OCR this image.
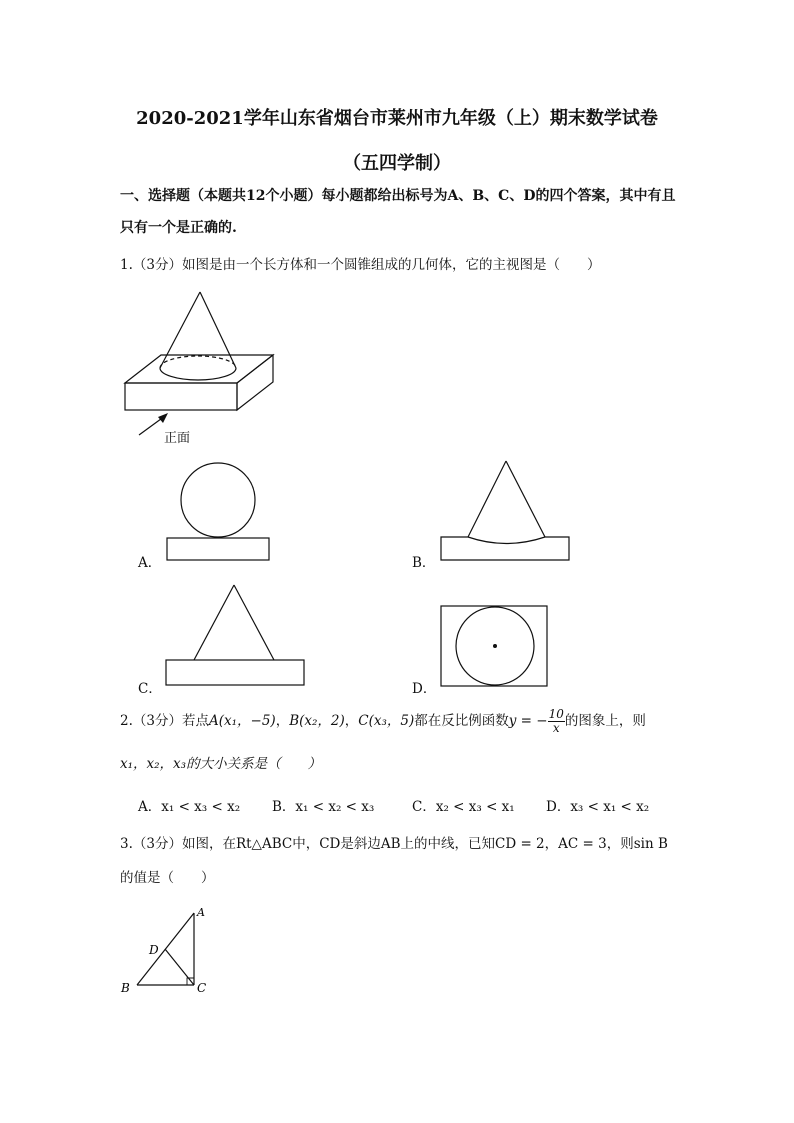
2020-2021学年山东省烟台市莱州市九年级（上）期末数学试卷
（五四学制）
一、选择题（本题共12个小题）每小题都给出标号为A、B、C、D的四个答案，其中有且只有一个是正确的.
1.（3分）如图是由一个长方体和一个圆锥组成的几何体，它的主视图是（　　）
正面
A．	B．
C．	D．
2.（3分）若点A(x₁，−5)，B(x₂，2)，C(x₃，5)都在反比例函数y = − $\frac{10}{x}$ 的图象上，则
x₁，x₂，x₃的大小关系是（　　）
A．x₁ < x₃ < x₂ B．x₁ < x₂ < x₃	C．x₂ < x₃ < x₁ D．x₃ < x₁ < x₂
3.（3分）如图，在Rt△ABC中，CD是斜边AB上的中线，已知CD = 2，AC = 3，则sin B
的值是（　　）
A
B	C
D
